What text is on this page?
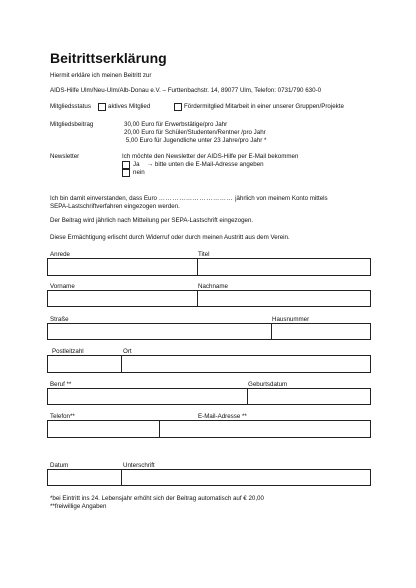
Beitrittserklärung
Hiermit erkläre ich meinen Beitritt zur
AIDS-Hilfe Ulm/Neu-Ulm/Alb-Donau e.V. – Furttenbachstr. 14, 89077 Ulm, Telefon: 0731/790 630-0
Mitgliedsstatus	aktives Mitglied	Fördermitglied Mitarbeit in einer unserer Gruppen/Projekte
Mitgliedsbeitrag	30,00 Euro für Erwerbstätige/pro Jahr
20,00 Euro für Schüler/Studenten/Rentner /pro Jahr
5,00 Euro für Jugendliche unter 23 Jahre/pro Jahr *
Newsletter	Ich möchte den Newsletter der AIDS-Hilfe per E-Mail bekommen
Ja → bitte unten die E-Mail-Adresse angeben
nein
Ich bin damit einverstanden, dass Euro …………………………… jährlich von meinem Konto mittels
SEPA-Lastschriftverfahren eingezogen werden.
Der Beitrag wird jährlich nach Mitteilung per SEPA-Lastschrift eingezogen.
Diese Ermächtigung erlischt durch Widerruf oder durch meinen Austritt aus dem Verein.
Anrede	Titel
Vorname	Nachname
Straße	Hausnummer
Postleitzahl	Ort
Beruf **	Geburtsdatum
Telefon**	E-Mail-Adresse **
Datum	Unterschrift
*bei Eintritt ins 24. Lebensjahr erhöht sich der Beitrag automatisch auf € 20,00
**freiwillige Angaben
